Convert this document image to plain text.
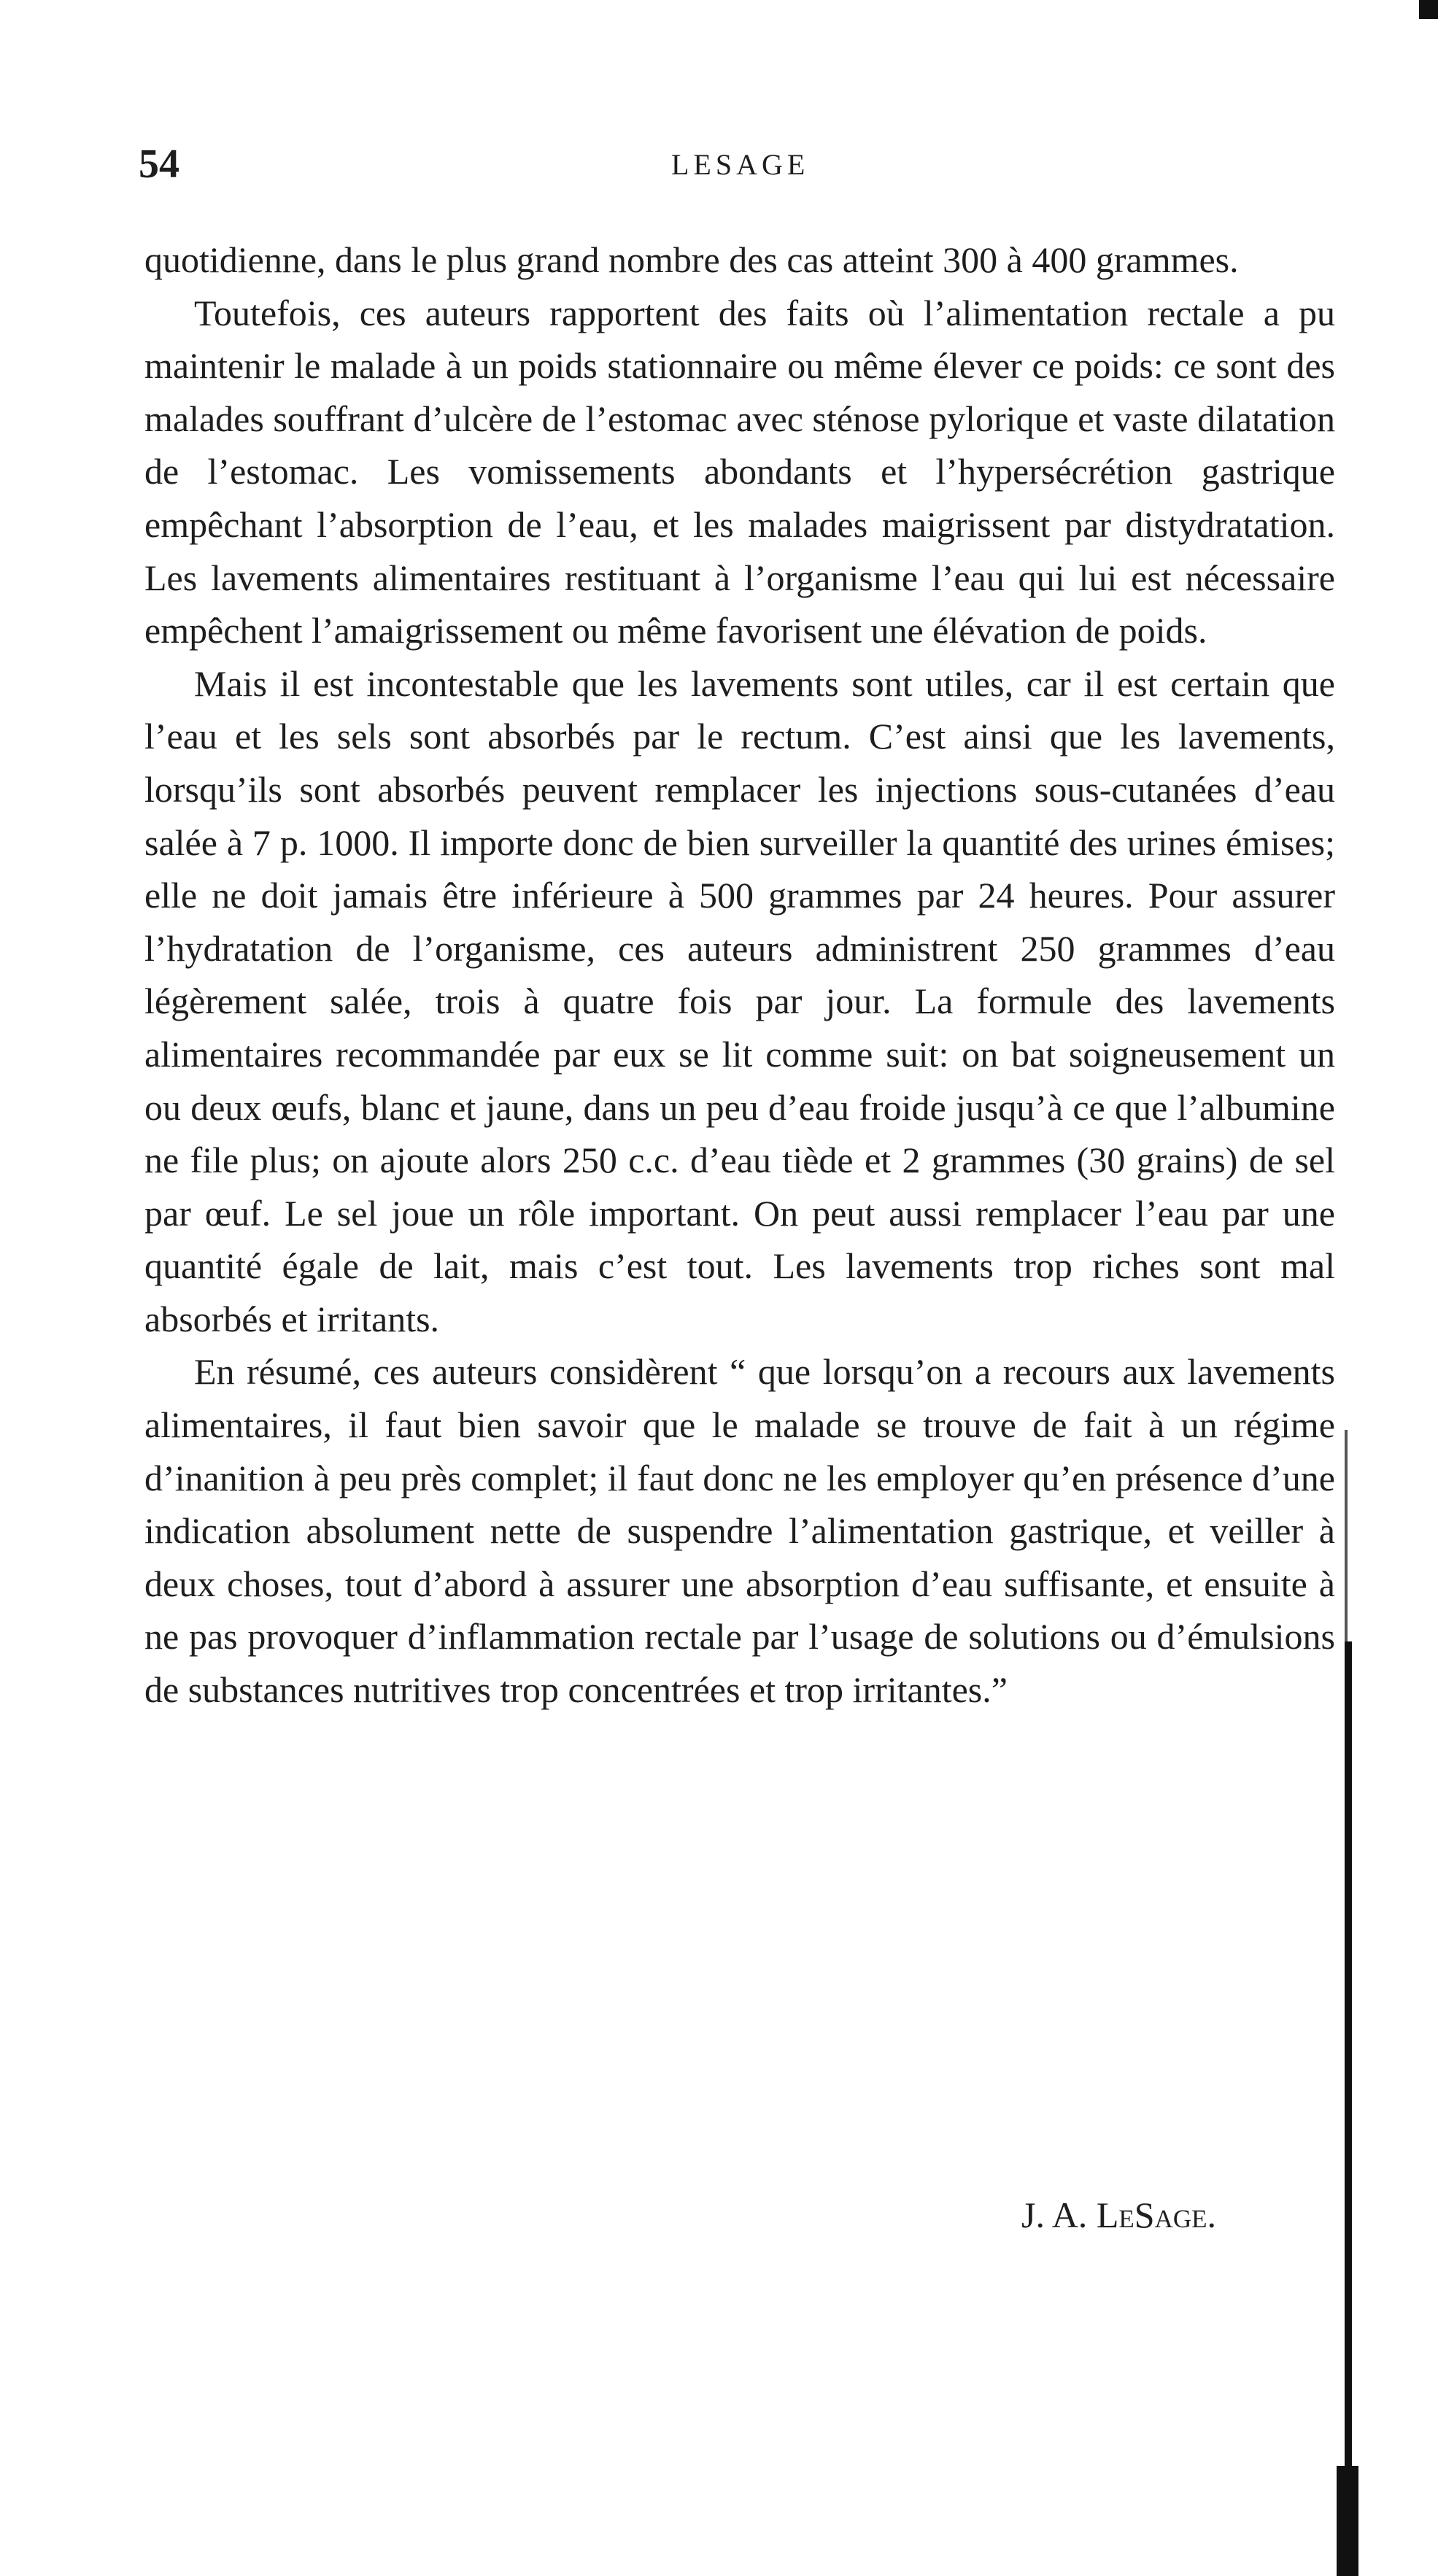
54	LESAGE

quotidienne, dans le plus grand nombre des cas atteint 300 à 400 grammes.

Toutefois, ces auteurs rapportent des faits où l’alimentation rectale a pu maintenir le malade à un poids stationnaire ou même élever ce poids: ce sont des malades souffrant d’ulcère de l’estomac avec sténose pylorique et vaste dilatation de l’estomac. Les vomissements abondants et l’hypersécrétion gastrique empêchant l’absorption de l’eau, et les malades maigrissent par distydratation. Les lavements alimentaires restituant à l’organisme l’eau qui lui est nécessaire empêchent l’amaigrissement ou même favorisent une élévation de poids.

Mais il est incontestable que les lavements sont utiles, car il est certain que l’eau et les sels sont absorbés par le rectum. C’est ainsi que les lavements, lorsqu’ils sont absorbés peuvent remplacer les injections sous-cutanées d’eau salée à 7 p. 1000. Il importe donc de bien surveiller la quantité des urines émises; elle ne doit jamais être inférieure à 500 grammes par 24 heures. Pour assurer l’hydratation de l’organisme, ces auteurs administrent 250 grammes d’eau légèrement salée, trois à quatre fois par jour. La formule des lavements alimentaires recommandée par eux se lit comme suit: on bat soigneusement un ou deux œufs, blanc et jaune, dans un peu d’eau froide jusqu’à ce que l’albumine ne file plus; on ajoute alors 250 c.c. d’eau tiède et 2 grammes (30 grains) de sel par œuf. Le sel joue un rôle important. On peut aussi remplacer l’eau par une quantité égale de lait, mais c’est tout. Les lavements trop riches sont mal absorbés et irritants.

En résumé, ces auteurs considèrent “ que lorsqu’on a recours aux lavements alimentaires, il faut bien savoir que le malade se trouve de fait à un régime d’inanition à peu près complet; il faut donc ne les employer qu’en présence d’une indication absolument nette de suspendre l’alimentation gastrique, et veiller à deux choses, tout d’abord à assurer une absorption d’eau suffisante, et ensuite à ne pas provoquer d’inflammation rectale par l’usage de solutions ou d’émulsions de substances nutritives trop concentrées et trop irritantes.”

J. A. LeSage.
